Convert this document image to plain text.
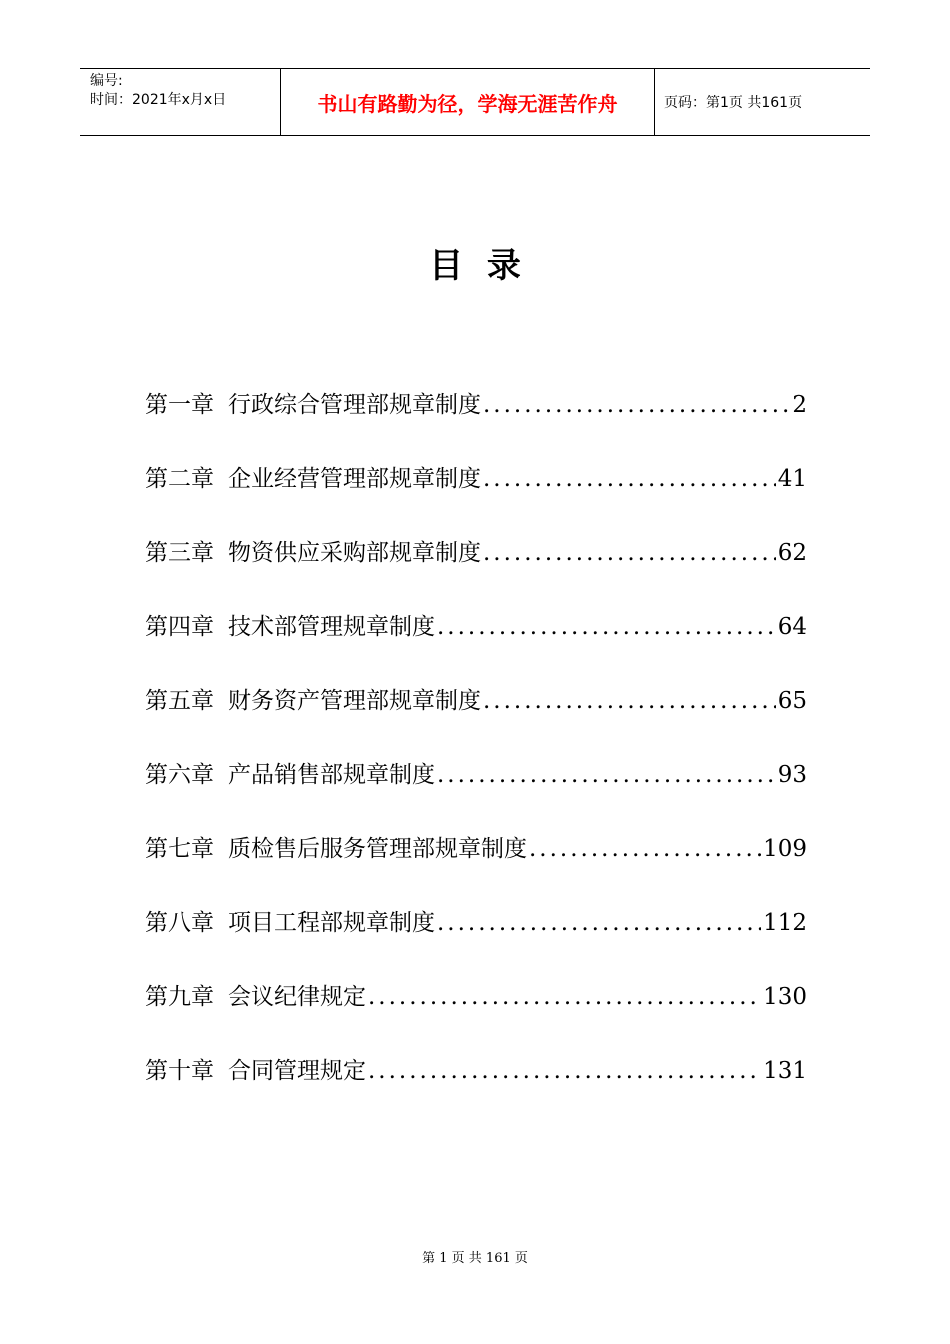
编号:
时间：2021年x月x日	书山有路勤为径，学海无涯苦作舟	页码：第1页 共161页
目  录
第一章 行政综合管理部规章制度 .....	2
第二章 企业经营管理部规章制度 .....	41
第三章 物资供应采购部规章制度 .....	62
第四章 技术部管理规章制度 .....	64
第五章 财务资产管理部规章制度 .....	65
第六章 产品销售部规章制度 .....	93
第七章 质检售后服务管理部规章制度 .....	109
第八章 项目工程部规章制度 .....	112
第九章 会议纪律规定 .....	130
第十章 合同管理规定 .....	131
第 1 页 共 161 页
